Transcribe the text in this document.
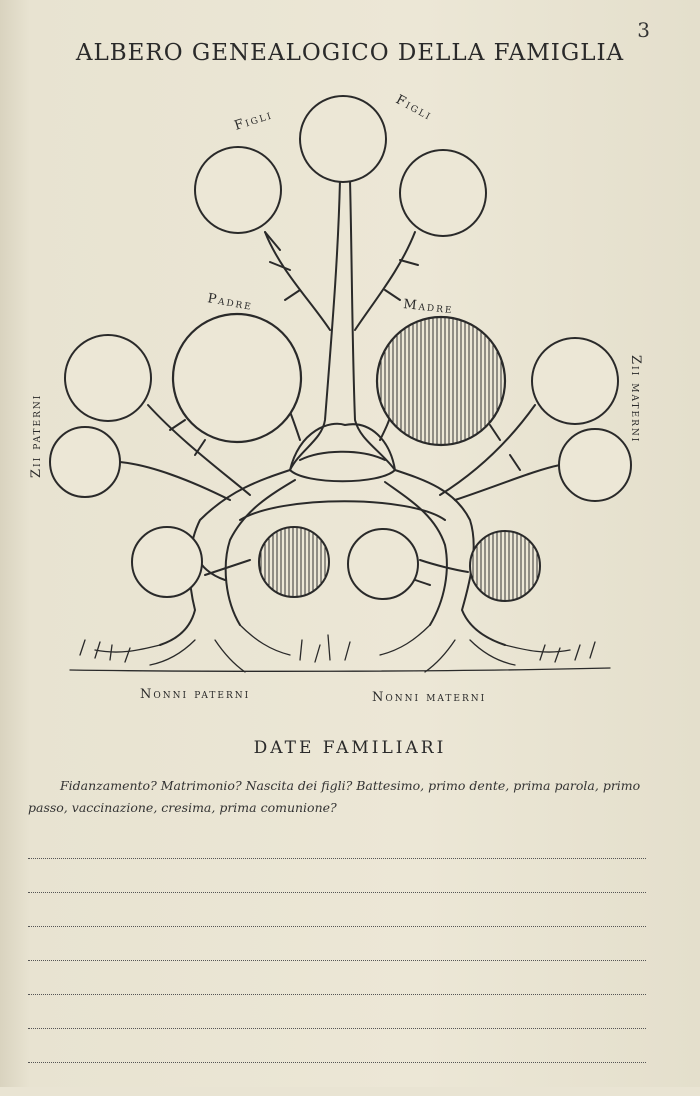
3
ALBERO GENEALOGICO DELLA FAMIGLIA
Figli	Figli
Padre	Madre
Zii paterni	Zii materni
Nonni paterni	Nonni materni
DATE FAMILIARI
Fidanzamento? Matrimonio? Nascita dei figli? Battesimo, primo dente, prima parola, primo passo, vaccinazione, cresima, prima comunione?
